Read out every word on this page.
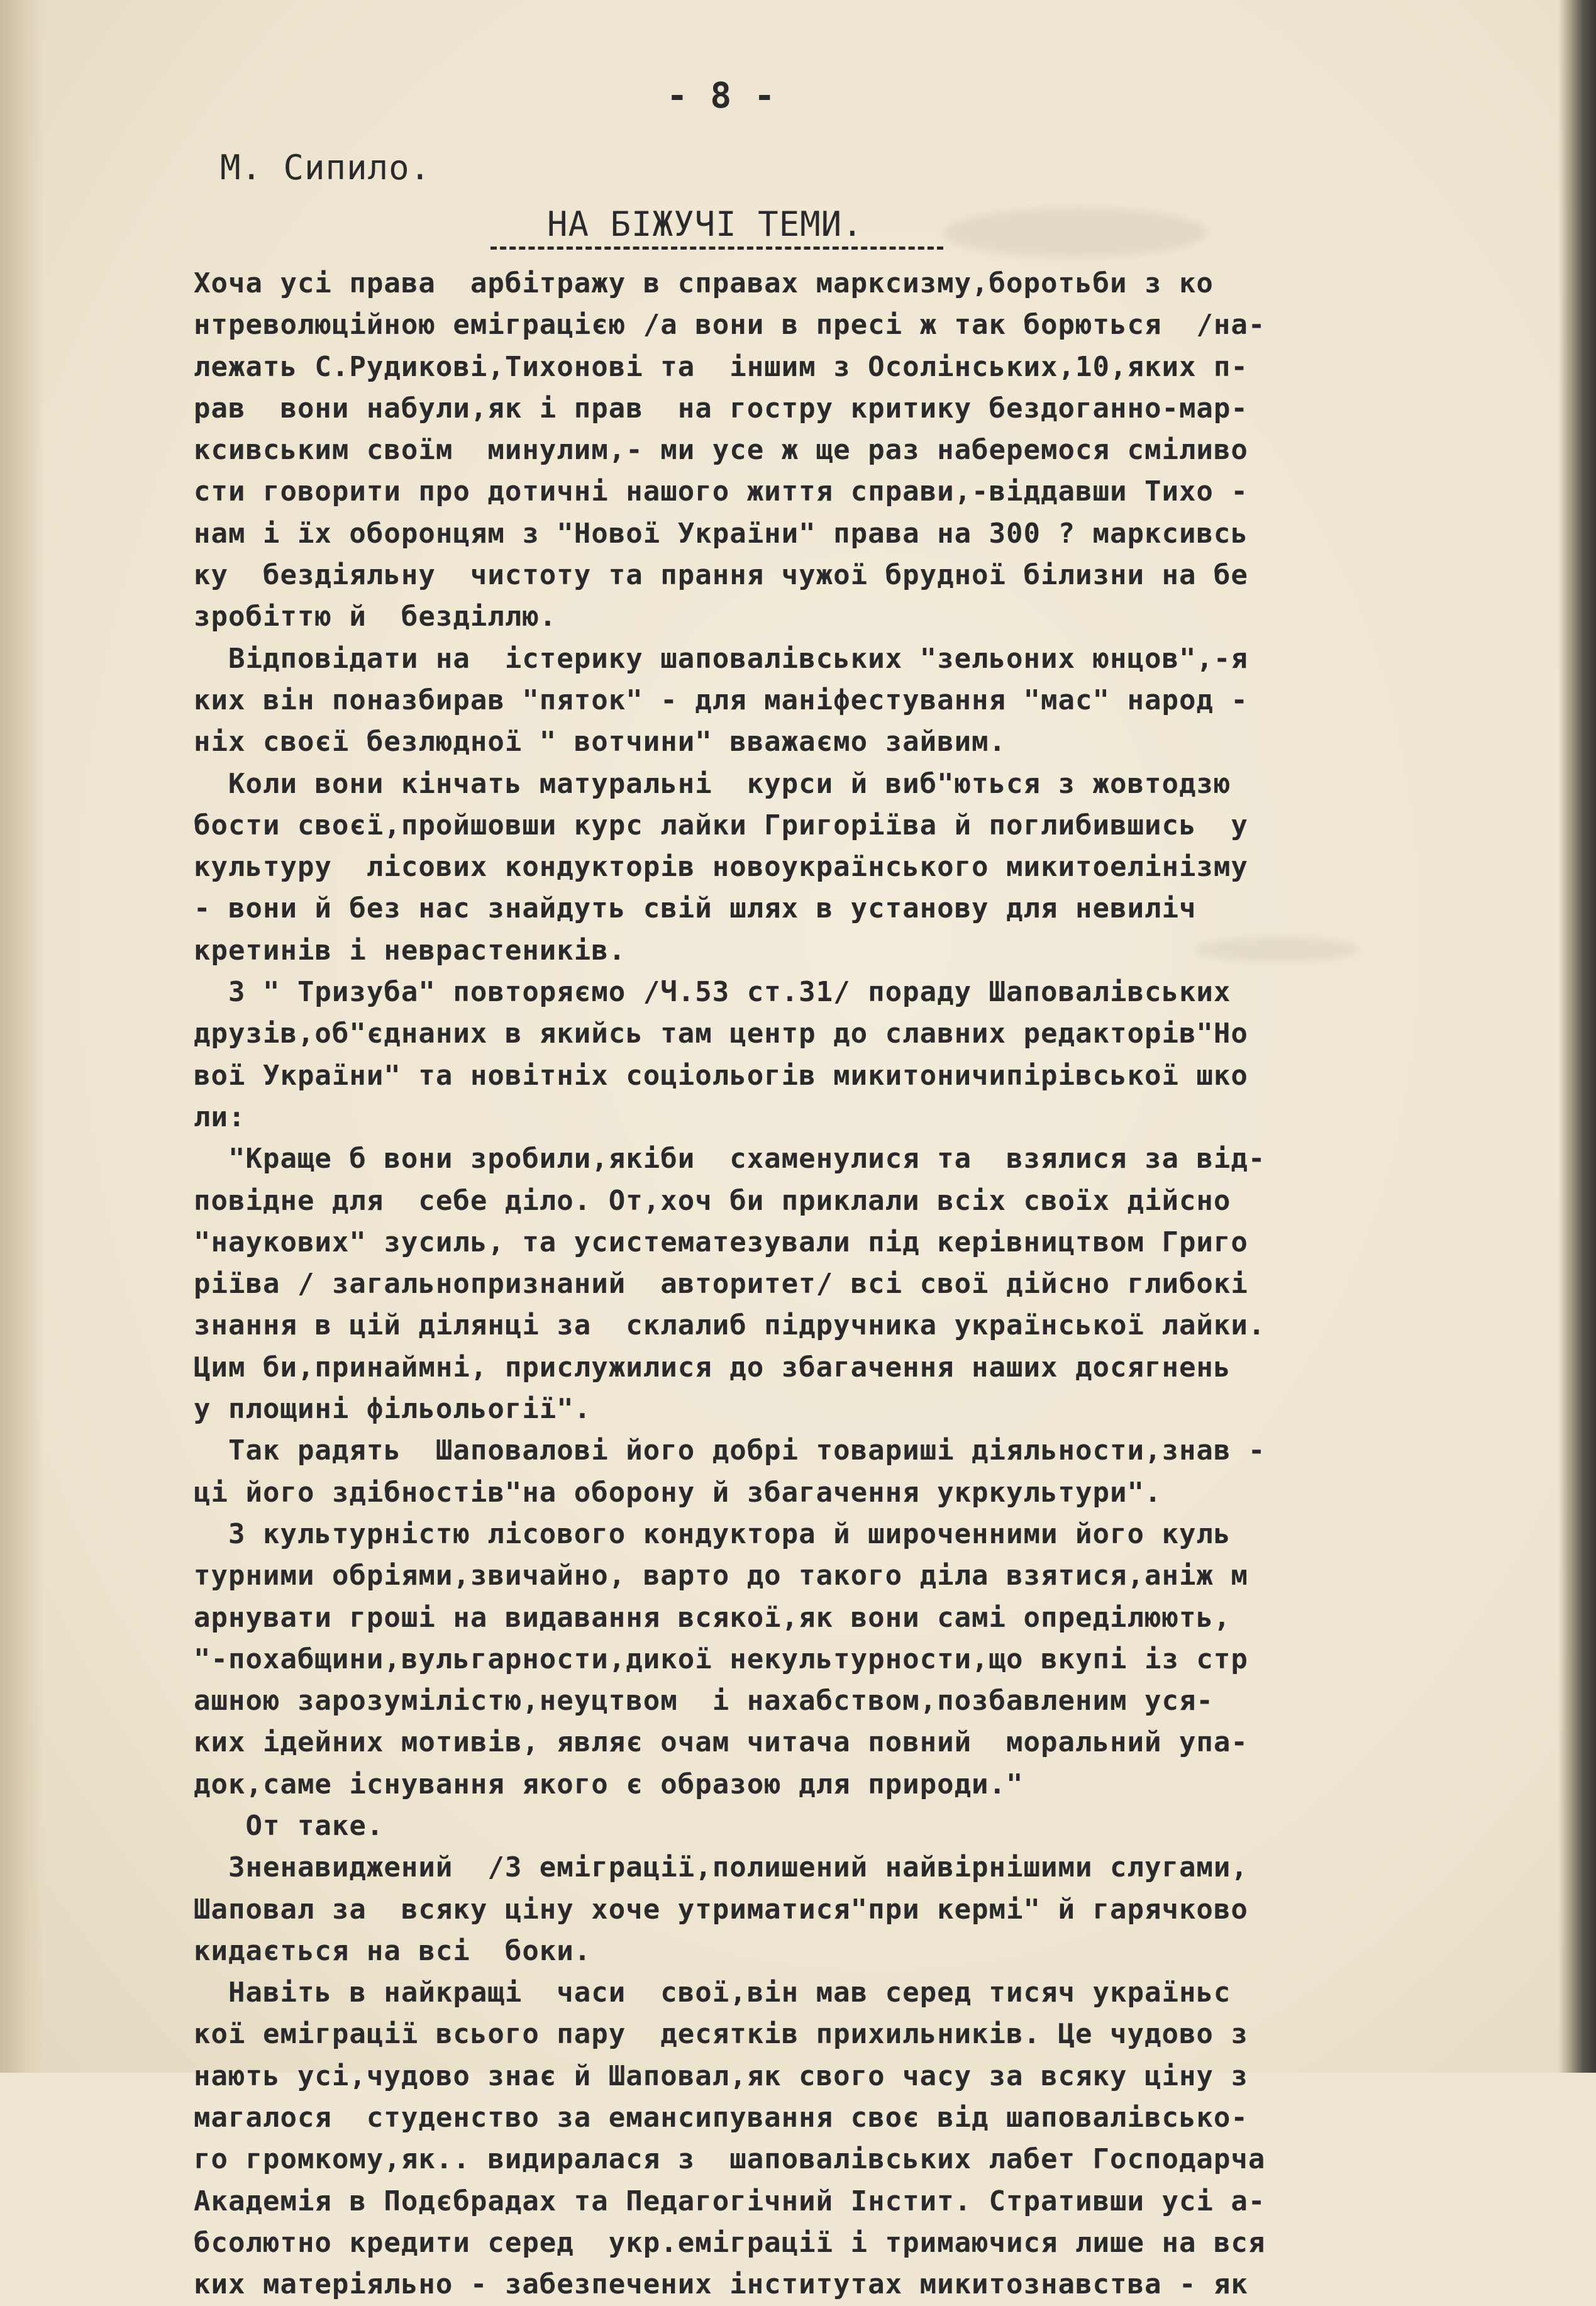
- 8 -
М. Сипило.
НА БІЖУЧІ ТЕМИ.
Хоча усі права  арбітражу в справах марксизму,боротьби з ко
нтреволюційною еміграцією /а вони в пресі ж так борються  /на-
лежать С.Рудикові,Тихонові та  іншим з Осолінських,10,яких п-
рав  вони набули,як і прав  на гостру критику бездоганно-мар-
ксивським своїм  минулим,- ми усе ж ще раз наберемося сміливо
сти говорити про дотичні нашого життя справи,-віддавши Тихо -
нам і їх оборонцям з "Нової України" права на 300 ? марксивсь
ку  бездіяльну  чистоту та прання чужої брудної білизни на бе
зробіттю й  безділлю.
Відповідати на  істерику шаповалівських "зельоних юнцов",-я
ких він поназбирав "пяток" - для маніфестування "мас" народ -
ніх своєї безлюдної " вотчини" вважаємо зайвим.
Коли вони кінчать матуральні  курси й виб"ються з жовтодзю
бости своєї,пройшовши курс лайки Григоріїва й поглибившись  у
культуру  лісових кондукторів новоукраїнського микитоелінізму
- вони й без нас знайдуть свій шлях в установу для невиліч
кретинів і неврастеників.
З " Тризуба" повторяємо /Ч.53 ст.31/ пораду Шаповалівських
друзів,об"єднаних в якийсь там центр до славних редакторів"Но
вої України" та новітніх соціольогів микитоничипірівської шко
ли:
"Краще б вони зробили,якіби  схаменулися та  взялися за від-
повідне для  себе діло. От,хоч би приклали всіх своїх дійсно
"наукових" зусиль, та усистематезували під керівництвом Григо
ріїва / загальнопризнаний  авторитет/ всі свої дійсно глибокі
знання в цій ділянці за  склалиб підручника української лайки.
Цим би,принаймні, прислужилися до збагачення наших досягнень
у площині фільольогії".
Так радять  Шаповалові його добрі товариші діяльности,знав -
ці його здібностів"на оборону й збагачення укркультури".
З культурністю лісового кондуктора й широченними його куль
турними обріями,звичайно, варто до такого діла взятися,аніж м
арнувати гроші на видавання всякої,як вони самі опреділюють,
"-похабщини,вульгарности,дикої некультурности,що вкупі із стр
ашною зарозумілістю,неуцтвом  і нахабством,позбавленим уся-
ких ідейних мотивів, являє очам читача повний  моральний упа-
док,саме існування якого є образою для природи."
От таке.
Зненавиджений  /З еміграції,полишений найвірнішими слугами,
Шаповал за  всяку ціну хоче утриматися"при кермі" й гарячково
кидається на всі  боки.
Навіть в найкращі  часи  свої,він мав серед тисяч україньс
кої еміграції всього пару  десятків прихильників. Це чудово з
нають усі,чудово знає й Шаповал,як свого часу за всяку ціну з
магалося  студенство за емансипування своє від шаповалівсько-
го громкому,як.. видиралася з  шаповалівських лабет Господарча
Академія в Подєбрадах та Педагогічний Інстит. Стративши усі а-
бсолютно кредити серед  укр.еміграції і тримаючися лише на вся
ких матеріяльно - забезпечених інститутах микитознавства - як
